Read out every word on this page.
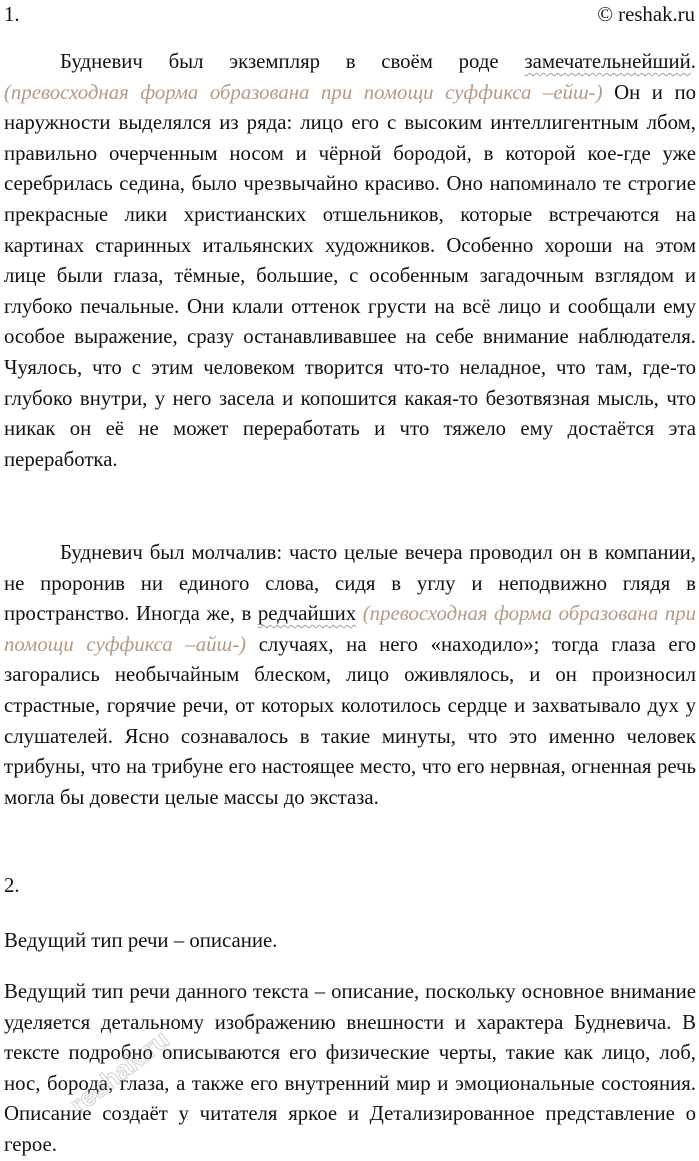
1.	© reshak.ru

Будневич был экземпляр в своём роде замечательнейший. (превосходная форма образована при помощи суффикса –ейш-) Он и по наружности выделялся из ряда: лицо его с высоким интеллигентным лбом, правильно очерченным носом и чёрной бородой, в которой кое-где уже серебрилась седина, было чрезвычайно красиво. Оно напоминало те строгие прекрасные лики христианских отшельников, которые встречаются на картинах старинных итальянских художников. Особенно хороши на этом лице были глаза, тёмные, большие, с особенным загадочным взглядом и глубоко печальные. Они клали оттенок грусти на всё лицо и сообщали ему особое выражение, сразу останавливавшее на себе внимание наблюдателя. Чуялось, что с этим человеком творится что-то неладное, что там, где-то глубоко внутри, у него засела и копошится какая-то безотвязная мысль, что никак он её не может переработать и что тяжело ему достаётся эта переработка.

Будневич был молчалив: часто целые вечера проводил он в компании, не проронив ни единого слова, сидя в углу и неподвижно глядя в пространство. Иногда же, в редчайших (превосходная форма образована при помощи суффикса –айш-) случаях, на него «находило»; тогда глаза его загорались необычайным блеском, лицо оживлялось, и он произносил страстные, горячие речи, от которых колотилось сердце и захватывало дух у слушателей. Ясно сознавалось в такие минуты, что это именно человек трибуны, что на трибуне его настоящее место, что его нервная, огненная речь могла бы довести целые массы до экстаза.

2.
Ведущий тип речи – описание.

Ведущий тип речи данного текста – описание, поскольку основное внимание уделяется детальному изображению внешности и характера Будневича. В тексте подробно описываются его физические черты, такие как лицо, лоб, нос, борода, глаза, а также его внутренний мир и эмоциональные состояния. Описание создаёт у читателя яркое и Детализированное представление о герое.

reshak.ru
